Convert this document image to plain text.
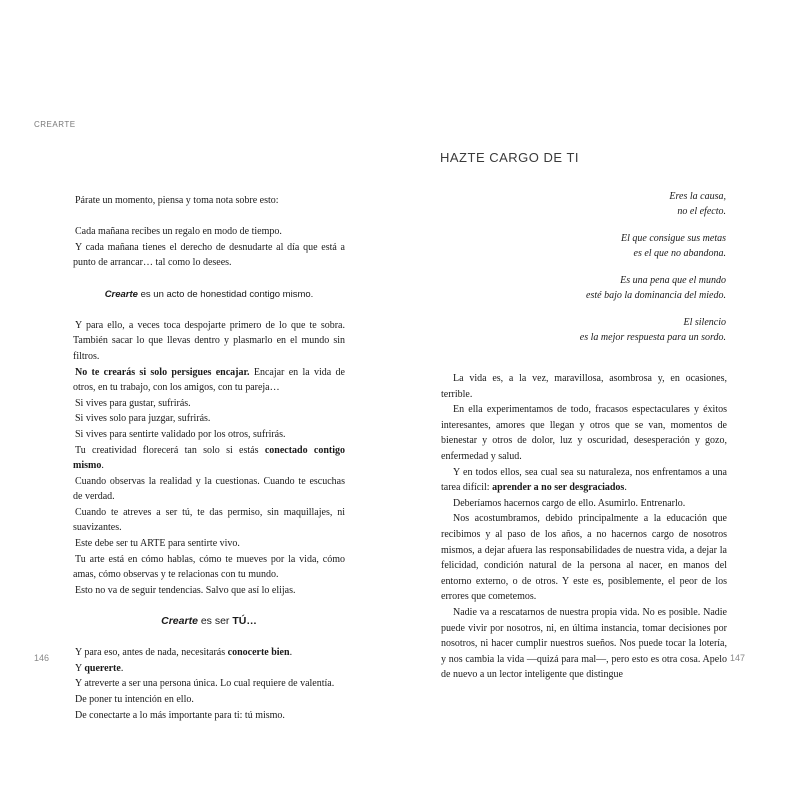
CREARTE

Párate un momento, piensa y toma nota sobre esto:

Cada mañana recibes un regalo en modo de tiempo.

Y cada mañana tienes el derecho de desnudarte al día que está a punto de arrancar… tal como lo desees.

Crearte es un acto de honestidad contigo mismo.

Y para ello, a veces toca despojarte primero de lo que te sobra. También sacar lo que llevas dentro y plasmarlo en el mundo sin filtros.

No te crearás si solo persigues encajar. Encajar en la vida de otros, en tu trabajo, con los amigos, con tu pareja…

Si vives para gustar, sufrirás.

Si vives solo para juzgar, sufrirás.

Si vives para sentirte validado por los otros, sufrirás.

Tu creatividad florecerá tan solo si estás conectado contigo mismo.

Cuando observas la realidad y la cuestionas. Cuando te escuchas de verdad.

Cuando te atreves a ser tú, te das permiso, sin maquillajes, ni suavizantes.

Este debe ser tu ARTE para sentirte vivo.

Tu arte está en cómo hablas, cómo te mueves por la vida, cómo amas, cómo observas y te relacionas con tu mundo.

Esto no va de seguir tendencias. Salvo que así lo elijas.

Crearte es ser TÚ…

Y para eso, antes de nada, necesitarás conocerte bien.

Y quererte.

Y atreverte a ser una persona única. Lo cual requiere de valentía.

De poner tu intención en ello.

De conectarte a lo más importante para ti: tú mismo.

146
HAZTE CARGO DE TI
Eres la causa,
no el efecto.
El que consigue sus metas
es el que no abandona.
Es una pena que el mundo
esté bajo la dominancia del miedo.
El silencio
es la mejor respuesta para un sordo.

La vida es, a la vez, maravillosa, asombrosa y, en ocasiones, terrible.

En ella experimentamos de todo, fracasos espectaculares y éxitos interesantes, amores que llegan y otros que se van, momentos de bienestar y otros de dolor, luz y oscuridad, desesperación y gozo, enfermedad y salud.

Y en todos ellos, sea cual sea su naturaleza, nos enfrentamos a una tarea difícil: aprender a no ser desgraciados.

Deberíamos hacernos cargo de ello. Asumirlo. Entrenarlo.

Nos acostumbramos, debido principalmente a la educación que recibimos y al paso de los años, a no hacernos cargo de nosotros mismos, a dejar afuera las responsabilidades de nuestra vida, a dejar la felicidad, condición natural de la persona al nacer, en manos del entorno externo, o de otros. Y este es, posiblemente, el peor de los errores que cometemos.

Nadie va a rescatarnos de nuestra propia vida. No es posible. Nadie puede vivir por nosotros, ni, en última instancia, tomar decisiones por nosotros, ni hacer cumplir nuestros sueños. Nos puede tocar la lotería, y nos cambia la vida —quizá para mal—, pero esto es otra cosa. Apelo de nuevo a un lector inteligente que distingue

147
